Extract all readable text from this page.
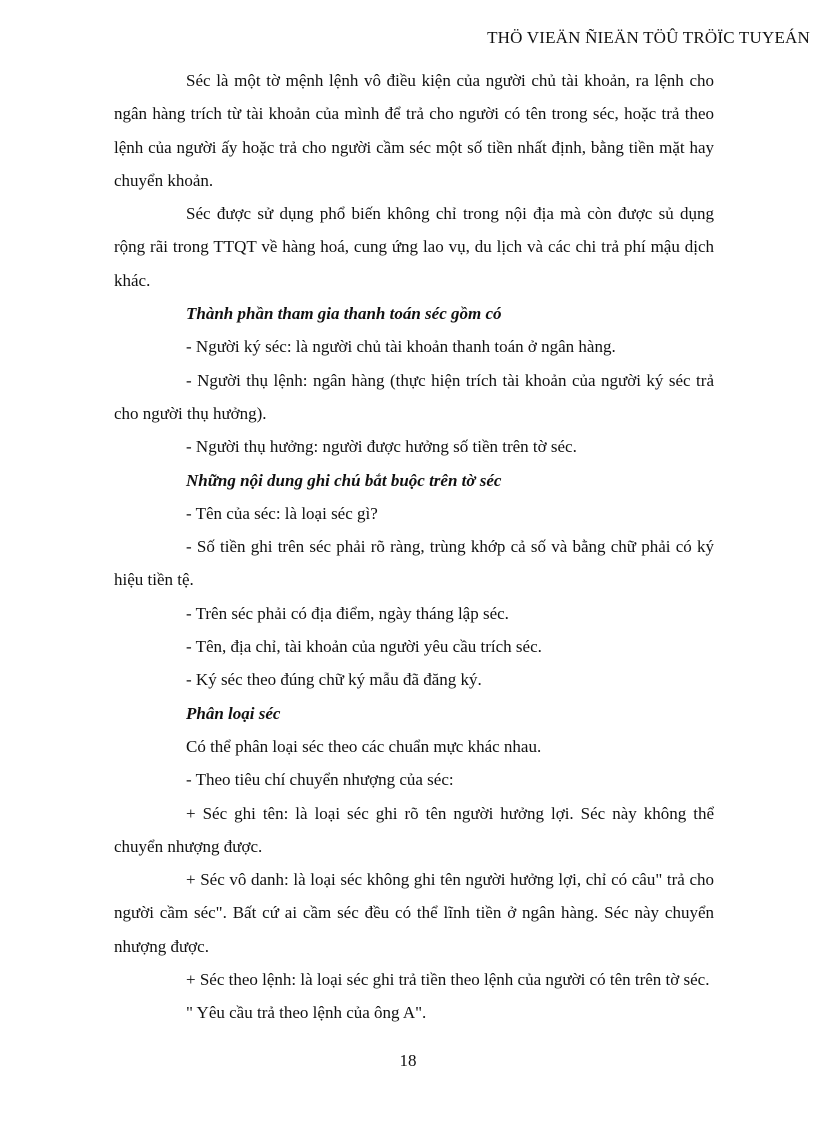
THÖ VIEÄN ÑIEÄN TÖÛ TRÖÏC TUYEÁN

Séc là một tờ mệnh lệnh vô điều kiện của người chủ tài khoản, ra lệnh cho ngân hàng trích từ tài khoản của mình để trả cho người có tên trong séc, hoặc trả theo lệnh của người ấy hoặc trả cho người cầm séc một số tiền nhất định, bằng tiền mặt hay chuyển khoản.

Séc được sử dụng phổ biến không chỉ trong nội địa mà còn được sủ dụng rộng rãi trong TTQT về hàng hoá, cung ứng lao vụ, du lịch và các chi trả phí mậu dịch khác.

Thành phần tham gia thanh toán séc gồm có

- Người ký séc: là người chủ tài khoản thanh toán ở ngân hàng.

- Người thụ lệnh: ngân hàng (thực hiện trích tài khoản của người ký séc trả cho người thụ hưởng).

- Người thụ hưởng: người được hưởng số tiền trên tờ séc.

Những nội dung ghi chú bắt buộc trên tờ séc

- Tên của séc: là loại séc gì?

- Số tiền ghi trên séc phải rõ ràng, trùng khớp cả số và bằng chữ phải có ký hiệu tiền tệ.

- Trên séc phải có địa điểm, ngày tháng lập séc.

- Tên, địa chỉ, tài khoản của người yêu cầu trích séc.

- Ký séc theo đúng chữ ký mẫu đã đăng ký.

Phân loại séc

Có thể phân loại séc theo các chuẩn mực khác nhau.

- Theo tiêu chí chuyển nhượng của séc:

+ Séc ghi tên: là loại séc ghi rõ tên người hưởng lợi. Séc này không thể chuyển nhượng được.

+ Séc vô danh: là loại séc không ghi tên người hưởng lợi, chỉ có câu" trả cho người cầm séc". Bất cứ ai cầm séc đều có thể lĩnh tiền ở ngân hàng. Séc này chuyển nhượng được.

+ Séc theo lệnh: là loại séc ghi trả tiền theo lệnh của người có tên trên tờ séc.

" Yêu cầu trả theo lệnh của ông A".

18
